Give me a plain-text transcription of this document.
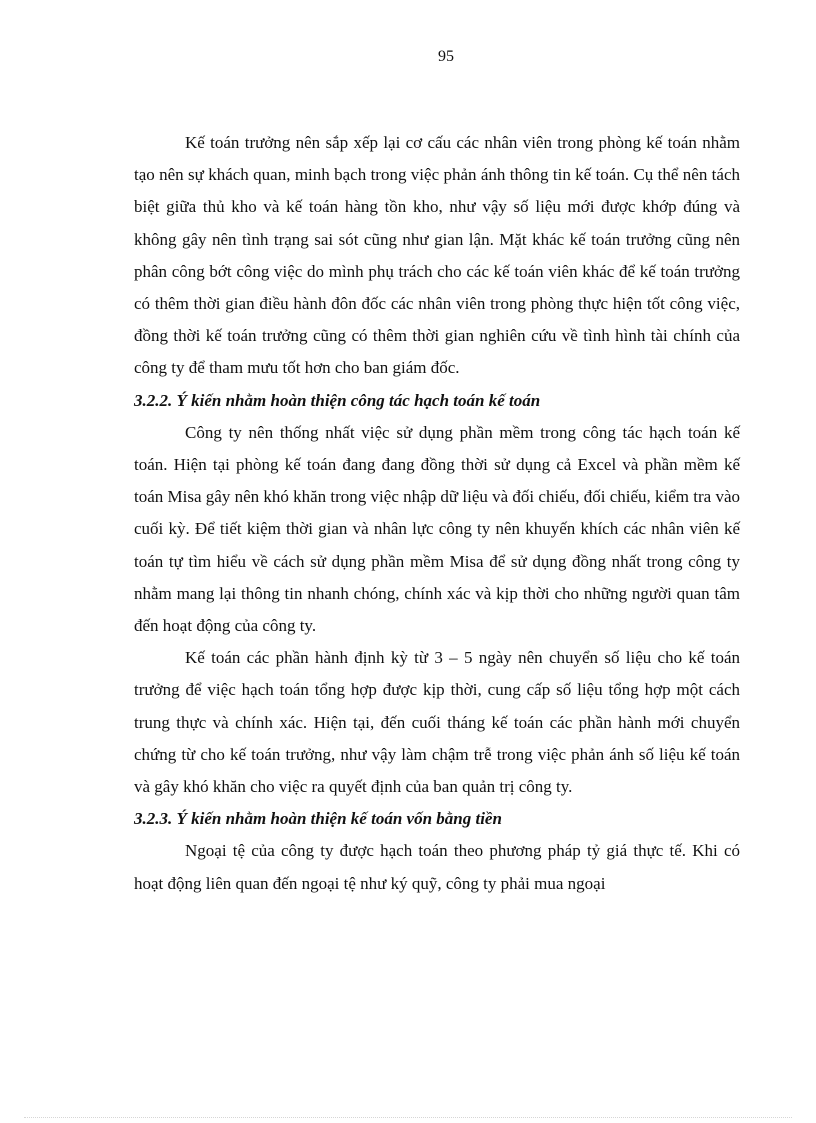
95

Kế toán trưởng nên sắp xếp lại cơ cấu các nhân viên trong phòng kế toán nhằm tạo nên sự khách quan, minh bạch trong việc phản ánh thông tin kế toán. Cụ thể nên tách biệt giữa thủ kho và kế toán hàng tồn kho, như vậy số liệu mới được khớp đúng và không gây nên tình trạng sai sót cũng như gian lận. Mặt khác kế toán trưởng cũng nên phân công bớt công việc do mình phụ trách cho các kế toán viên khác để kế toán trưởng có thêm thời gian điều hành đôn đốc các nhân viên trong phòng thực hiện tốt công việc, đồng thời kế toán trưởng cũng có thêm thời gian nghiên cứu về tình hình tài chính của công ty để tham mưu tốt hơn cho ban giám đốc.

3.2.2. Ý kiến nhằm hoàn thiện công tác hạch toán kế toán

Công ty nên thống nhất việc sử dụng phần mềm trong công tác hạch toán kế toán. Hiện tại phòng kế toán đang đang đồng thời sử dụng cả Excel và phần mềm kế toán Misa gây nên khó khăn trong việc nhập dữ liệu và đối chiếu, đối chiếu, kiểm tra vào cuối kỳ. Để tiết kiệm thời gian và nhân lực công ty nên khuyến khích các nhân viên kế toán tự tìm hiểu về cách sử dụng phần mềm Misa để sử dụng đồng nhất trong công ty nhằm mang lại thông tin nhanh chóng, chính xác và kịp thời cho những người quan tâm đến hoạt động của công ty.

Kế toán các phần hành định kỳ từ 3 – 5 ngày nên chuyển số liệu cho kế toán trưởng để việc hạch toán tổng hợp được kịp thời, cung cấp số liệu tổng hợp một cách trung thực và chính xác. Hiện tại, đến cuối tháng kế toán các phần hành mới chuyển chứng từ cho kế toán trưởng, như vậy làm chậm trễ trong việc phản ánh số liệu kế toán và gây khó khăn cho việc ra quyết định của ban quản trị công ty.

3.2.3. Ý kiến nhằm hoàn thiện kế toán vốn bằng tiền

Ngoại tệ của công ty được hạch toán theo phương pháp tỷ giá thực tế. Khi có hoạt động liên quan đến ngoại tệ như ký quỹ, công ty phải mua ngoại
